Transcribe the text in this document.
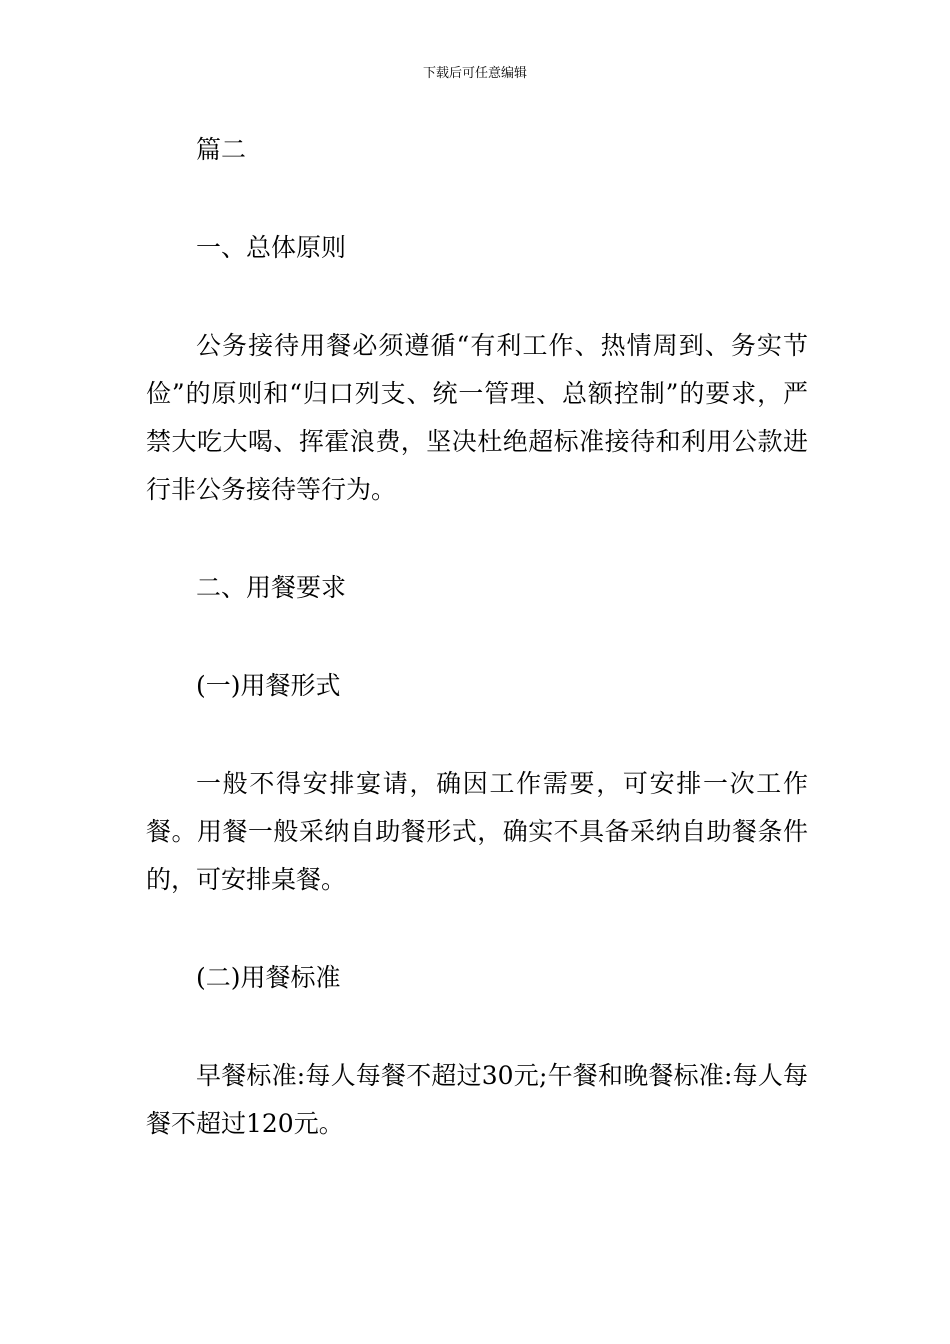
下载后可任意编辑

篇二

一、总体原则

公务接待用餐必须遵循“有利工作、热情周到、务实节俭”的原则和“归口列支、统一管理、总额控制”的要求，严禁大吃大喝、挥霍浪费，坚决杜绝超标准接待和利用公款进行非公务接待等行为。

二、用餐要求

(一)用餐形式

一般不得安排宴请，确因工作需要，可安排一次工作餐。用餐一般采纳自助餐形式，确实不具备采纳自助餐条件的，可安排桌餐。

(二)用餐标准

早餐标准:每人每餐不超过30元;午餐和晚餐标准:每人每餐不超过120元。
